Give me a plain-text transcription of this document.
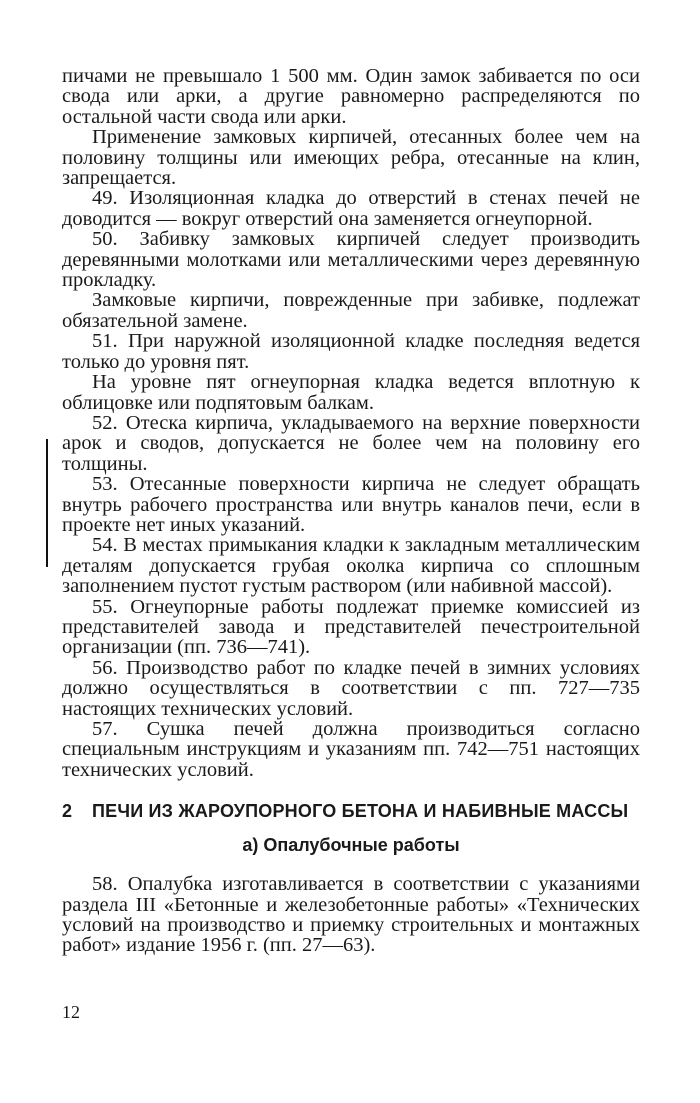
пичами не превышало 1 500 мм. Один замок забивается по оси свода или арки, а другие равномерно распределяются по остальной части свода или арки.

Применение замковых кирпичей, отесанных более чем на половину толщины или имеющих ребра, отесанные на клин, запрещается.

49. Изоляционная кладка до отверстий в стенах печей не доводится — вокруг отверстий она заменяется огнеупорной.

50. Забивку замковых кирпичей следует производить деревянными молотками или металлическими через деревянную прокладку.

Замковые кирпичи, поврежденные при забивке, подлежат обязательной замене.

51. При наружной изоляционной кладке последняя ведется только до уровня пят.

На уровне пят огнеупорная кладка ведется вплотную к облицовке или подпятовым балкам.

52. Отеска кирпича, укладываемого на верхние поверхности арок и сводов, допускается не более чем на половину его толщины.

53. Отесанные поверхности кирпича не следует обращать внутрь рабочего пространства или внутрь каналов печи, если в проекте нет иных указаний.

54. В местах примыкания кладки к закладным металлическим деталям допускается грубая околка кирпича со сплошным заполнением пустот густым раствором (или набивной массой).

55. Огнеупорные работы подлежат приемке комиссией из представителей завода и представителей печестроительной организации (пп. 736—741).

56. Производство работ по кладке печей в зимних условиях должно осуществляться в соответствии с пп. 727—735 настоящих технических условий.

57. Сушка печей должна производиться согласно специальным инструкциям и указаниям пп. 742—751 настоящих технических условий.

2 ПЕЧИ ИЗ ЖАРОУПОРНОГО БЕТОНА И НАБИВНЫЕ МАССЫ
а) Опалубочные работы

58. Опалубка изготавливается в соответствии с указаниями раздела III «Бетонные и железобетонные работы» «Технических условий на производство и приемку строительных и монтажных работ» издание 1956 г. (пп. 27—63).

12
